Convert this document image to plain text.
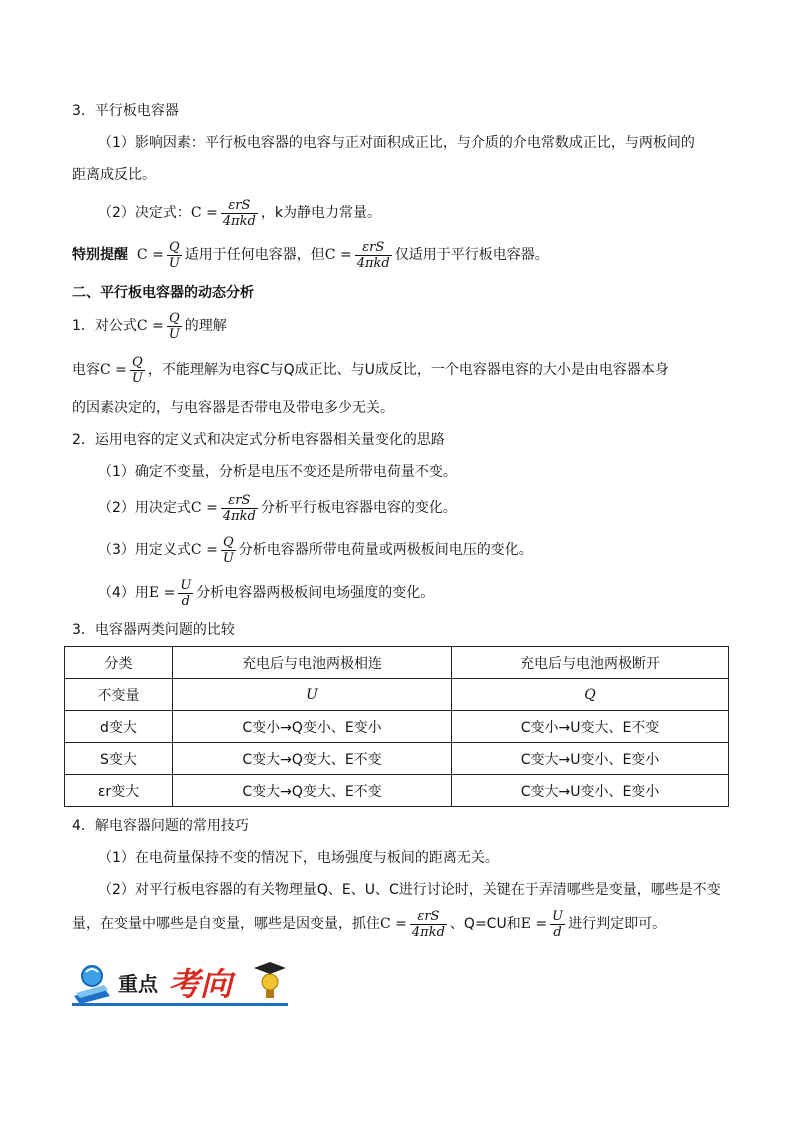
3．平行板电容器
（1）影响因素：平行板电容器的电容与正对面积成正比，与介质的介电常数成正比，与两板间的
距离成反比。
（2）决定式：$C = \frac{\text{εrS}}{\text{4πkd}}$ ，k为静电力常量。
特别提醒 $C = \frac{Q}{U}$ 适用于任何电容器，但$C = \frac{\text{εrS}}{\text{4πkd}}$ 仅适用于平行板电容器。
二、平行板电容器的动态分析
1．对公式$C = \frac{Q}{U}$ 的理解
电容$C = \frac{Q}{U}$ ，不能理解为电容C与Q成正比、与U成反比，一个电容器电容的大小是由电容器本身
的因素决定的，与电容器是否带电及带电多少无关。
2．运用电容的定义式和决定式分析电容器相关量变化的思路
（1）确定不变量，分析是电压不变还是所带电荷量不变。
（2）用决定式$C = \frac{\text{εrS}}{\text{4πkd}}$ 分析平行板电容器电容的变化。
（3）用定义式$C = \frac{Q}{U}$ 分析电容器所带电荷量或两极板间电压的变化。
（4）用$E = \frac{U}{d}$ 分析电容器两极板间电场强度的变化。
3．电容器两类问题的比较
分类	充电后与电池两极相连	充电后与电池两极断开
不变量	U	Q
d变大	C变小→Q变小、E变小	C变小→U变大、E不变
S变大	C变大→Q变大、E不变	C变大→U变小、E变小
εr变大	C变大→Q变大、E不变	C变大→U变小、E变小
4．解电容器问题的常用技巧
（1）在电荷量保持不变的情况下，电场强度与板间的距离无关。
（2）对平行板电容器的有关物理量Q、E、U、C进行讨论时，关键在于弄清哪些是变量，哪些是不变
量，在变量中哪些是自变量，哪些是因变量，抓住$C = \frac{\text{εrS}}{\text{4πkd}}$ 、Q=CU和$E = \frac{U}{d}$ 进行判定即可。
重点 考向
